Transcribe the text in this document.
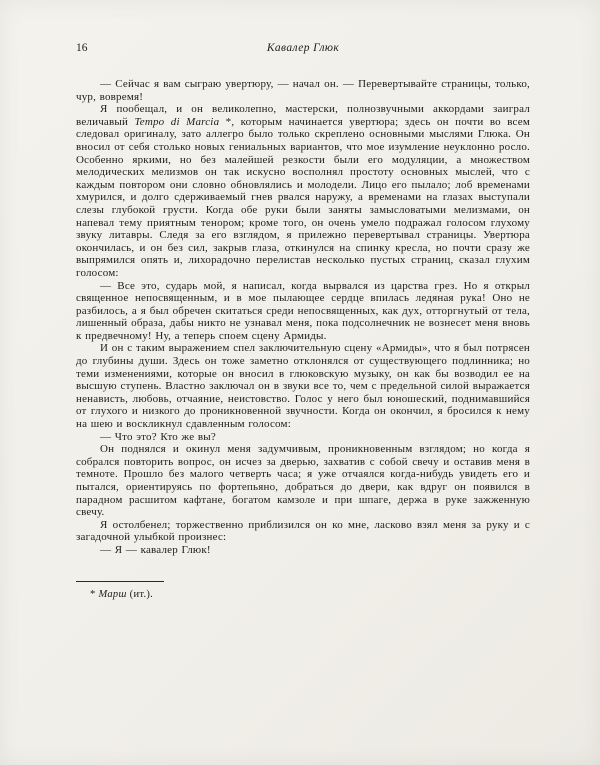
16	Кавалер Глюк

— Сейчас я вам сыграю увертюру, — начал он. — Перевертывайте страницы, только, чур, вовремя!

Я пообещал, и он великолепно, мастерски, полнозвучными аккордами заиграл величавый Tempo di Marcia *, которым начинается увертюра; здесь он почти во всем следовал оригиналу, зато аллегро было только скреплено основными мыслями Глюка. Он вносил от себя столько новых гениальных вариантов, что мое изумление неуклонно росло. Особенно яркими, но без малейшей резкости были его модуляции, а множеством мелодических мелизмов он так искусно восполнял простоту основных мыслей, что с каждым повтором они словно обновлялись и молодели. Лицо его пылало; лоб временами хмурился, и долго сдерживаемый гнев рвался наружу, а временами на глазах выступали слезы глубокой грусти. Когда обе руки были заняты замысловатыми мелизмами, он напевал тему приятным тенором; кроме того, он очень умело подражал голосом глухому звуку литавры. Следя за его взглядом, я прилежно перевертывал страницы. Увертюра окончилась, и он без сил, закрыв глаза, откинулся на спинку кресла, но почти сразу же выпрямился опять и, лихорадочно перелистав несколько пустых страниц, сказал глухим голосом:

— Все это, сударь мой, я написал, когда вырвался из царства грез. Но я открыл священное непосвященным, и в мое пылающее сердце впилась ледяная рука! Оно не разбилось, а я был обречен скитаться среди непосвященных, как дух, отторгнутый от тела, лишенный образа, дабы никто не узнавал меня, пока подсолнечник не вознесет меня вновь к предвечному! Ну, а теперь споем сцену Армиды.

И он с таким выражением спел заключительную сцену «Армиды», что я был потрясен до глубины души. Здесь он тоже заметно отклонялся от существующего подлинника; но теми изменениями, которые он вносил в глюковскую музыку, он как бы возводил ее на высшую ступень. Властно заключал он в звуки все то, чем с предельной силой выражается ненависть, любовь, отчаяние, неистовство. Голос у него был юношеский, поднимавшийся от глухого и низкого до проникновенной звучности. Когда он окончил, я бросился к нему на шею и воскликнул сдавленным голосом:

— Что это? Кто же вы?

Он поднялся и окинул меня задумчивым, проникновенным взглядом; но когда я собрался повторить вопрос, он исчез за дверью, захватив с собой свечу и оставив меня в темноте. Прошло без малого четверть часа; я уже отчаялся когда-нибудь увидеть его и пытался, ориентируясь по фортепьяно, добраться до двери, как вдруг он появился в парадном расшитом кафтане, богатом камзоле и при шпаге, держа в руке зажженную свечу.

Я остолбенел; торжественно приблизился он ко мне, ласково взял меня за руку и с загадочной улыбкой произнес:

— Я — кавалер Глюк!

* Марш (ит.).
